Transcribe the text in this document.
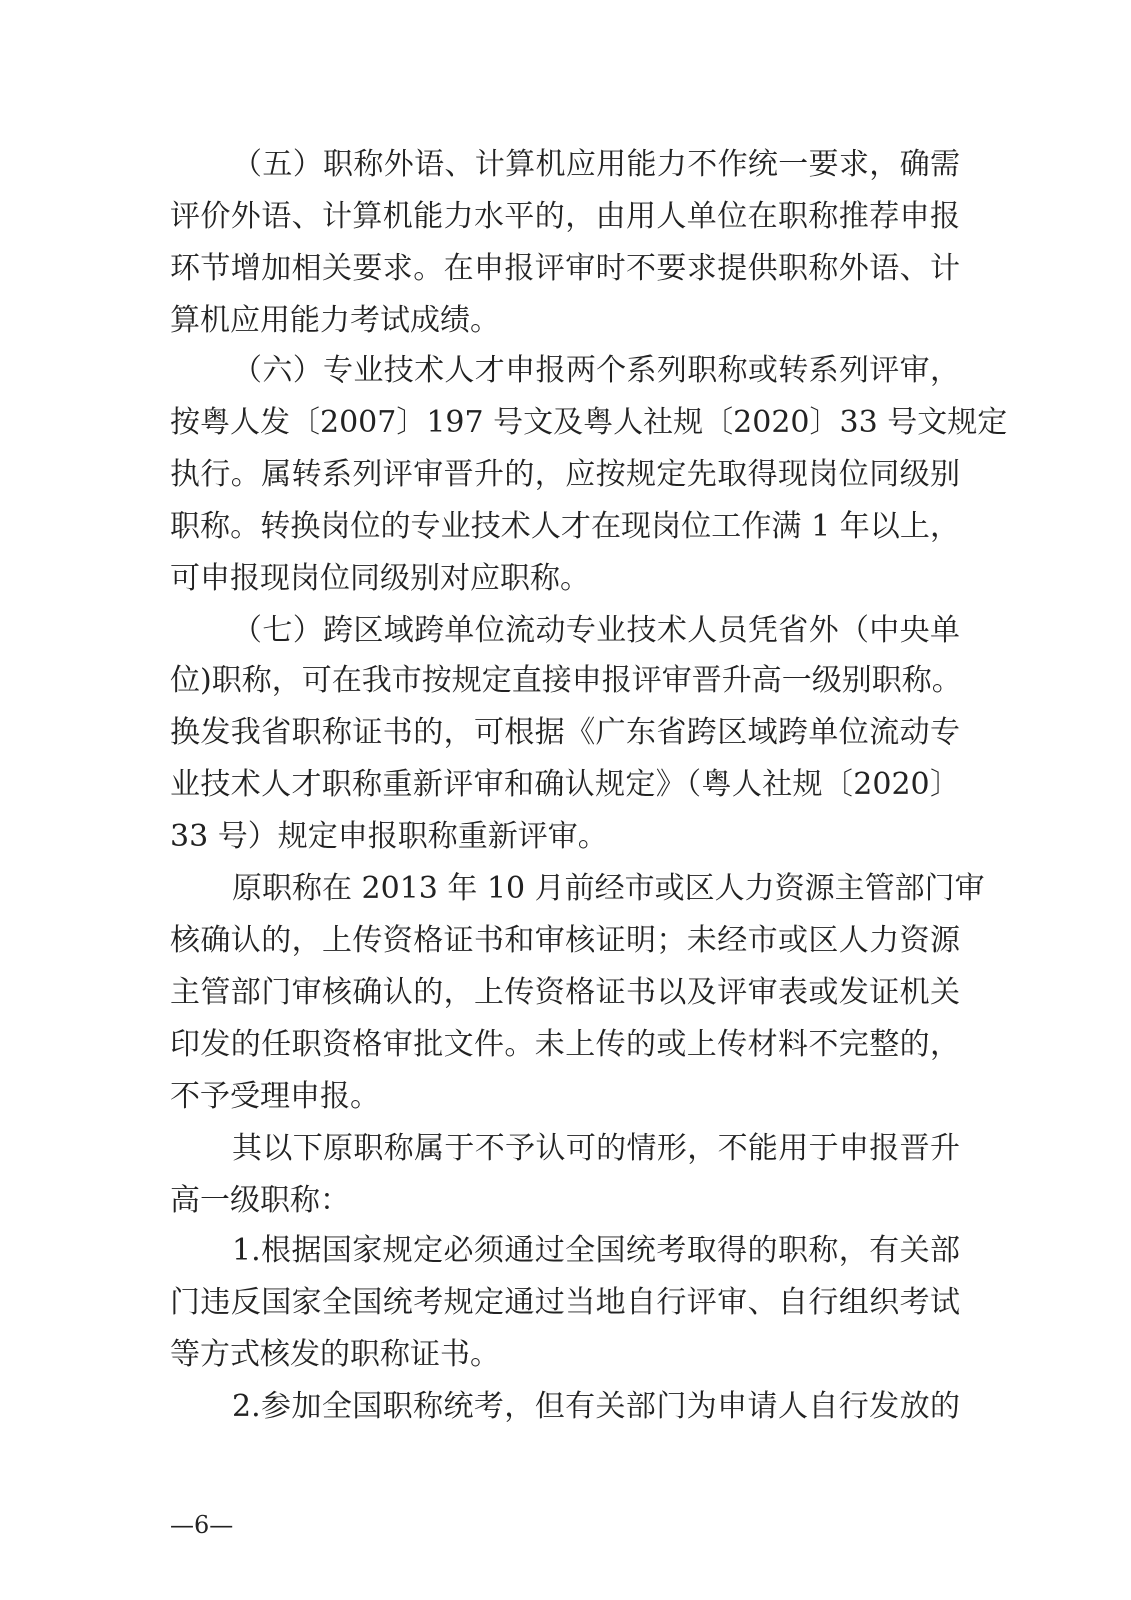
（五）职称外语、计算机应用能力不作统一要求，确需
评价外语、计算机能力水平的，由用人单位在职称推荐申报
环节增加相关要求。在申报评审时不要求提供职称外语、计
算机应用能力考试成绩。
（六）专业技术人才申报两个系列职称或转系列评审，
按粤人发〔2007〕197 号文及粤人社规〔2020〕33 号文规定
执行。属转系列评审晋升的，应按规定先取得现岗位同级别
职称。转换岗位的专业技术人才在现岗位工作满 1 年以上，
可申报现岗位同级别对应职称。
（七）跨区域跨单位流动专业技术人员凭省外（中央单
位)职称，可在我市按规定直接申报评审晋升高一级别职称。
换发我省职称证书的，可根据《广东省跨区域跨单位流动专
业技术人才职称重新评审和确认规定》（粤人社规〔2020〕
33 号）规定申报职称重新评审。
原职称在 2013 年 10 月前经市或区人力资源主管部门审
核确认的，上传资格证书和审核证明；未经市或区人力资源
主管部门审核确认的，上传资格证书以及评审表或发证机关
印发的任职资格审批文件。未上传的或上传材料不完整的，
不予受理申报。
其以下原职称属于不予认可的情形，不能用于申报晋升
高一级职称：
1.根据国家规定必须通过全国统考取得的职称，有关部
门违反国家全国统考规定通过当地自行评审、自行组织考试
等方式核发的职称证书。
2.参加全国职称统考，但有关部门为申请人自行发放的
—6—
